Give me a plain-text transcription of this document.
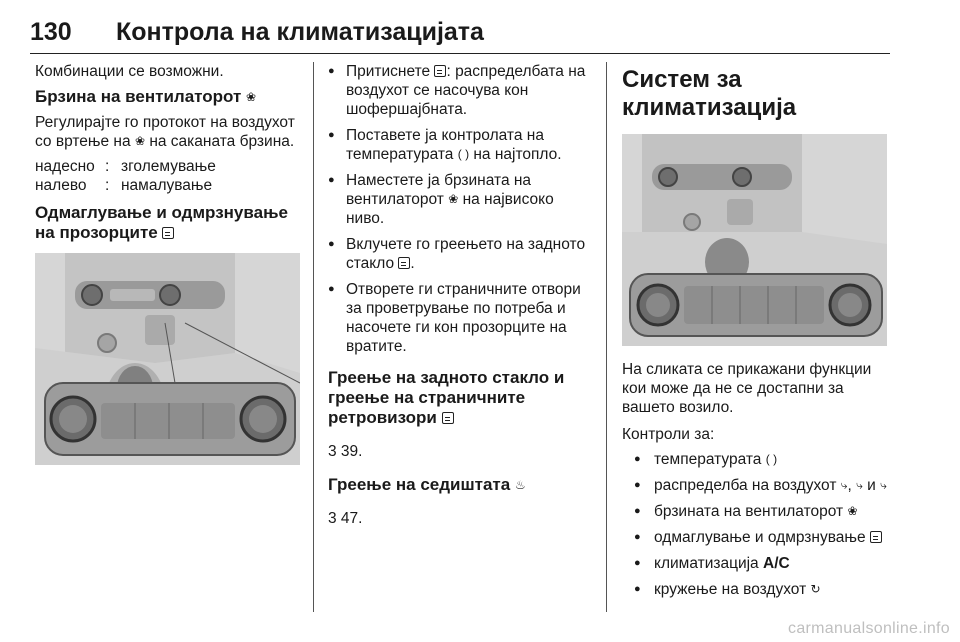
130 Контрола на климатизацијата
Комбинации се возможни.
Брзина на вентилаторот ❀
Регулирајте го протокот на воздухот со вртење на ❀ на саканата брзина.
надесно : зголемување
налево	: намалување
Одмаглување и одмрзнување на прозорците
● Притиснете : распределбата на воздухот се насочува кон шофершајбната.
● Поставете ја контролата на температурата ( ) на најтопло.
● Наместете ја брзината на вентилаторот ❀ на највисоко ниво.
● Вклучете го греењето на задното стакло .
● Отворете ги страничните отвори за проветрување по потреба и насочете ги кон прозорците на вратите.
Греење на задното стакло и греење на страничните ретровизори
3 39.
Греење на седиштата ♨
3 47.
Систем за климатизација
На сликата се прикажани функции кои може да не се достапни за вашето возило.
Контроли за:
● температурата ( )
● распределба на воздухот ⤷, ⤷ и ⤷
● брзината на вентилаторот ❀
● одмаглување и одмрзнување
● климатизација A/C
● кружење на воздухот ↻
carmanualsonline.info
